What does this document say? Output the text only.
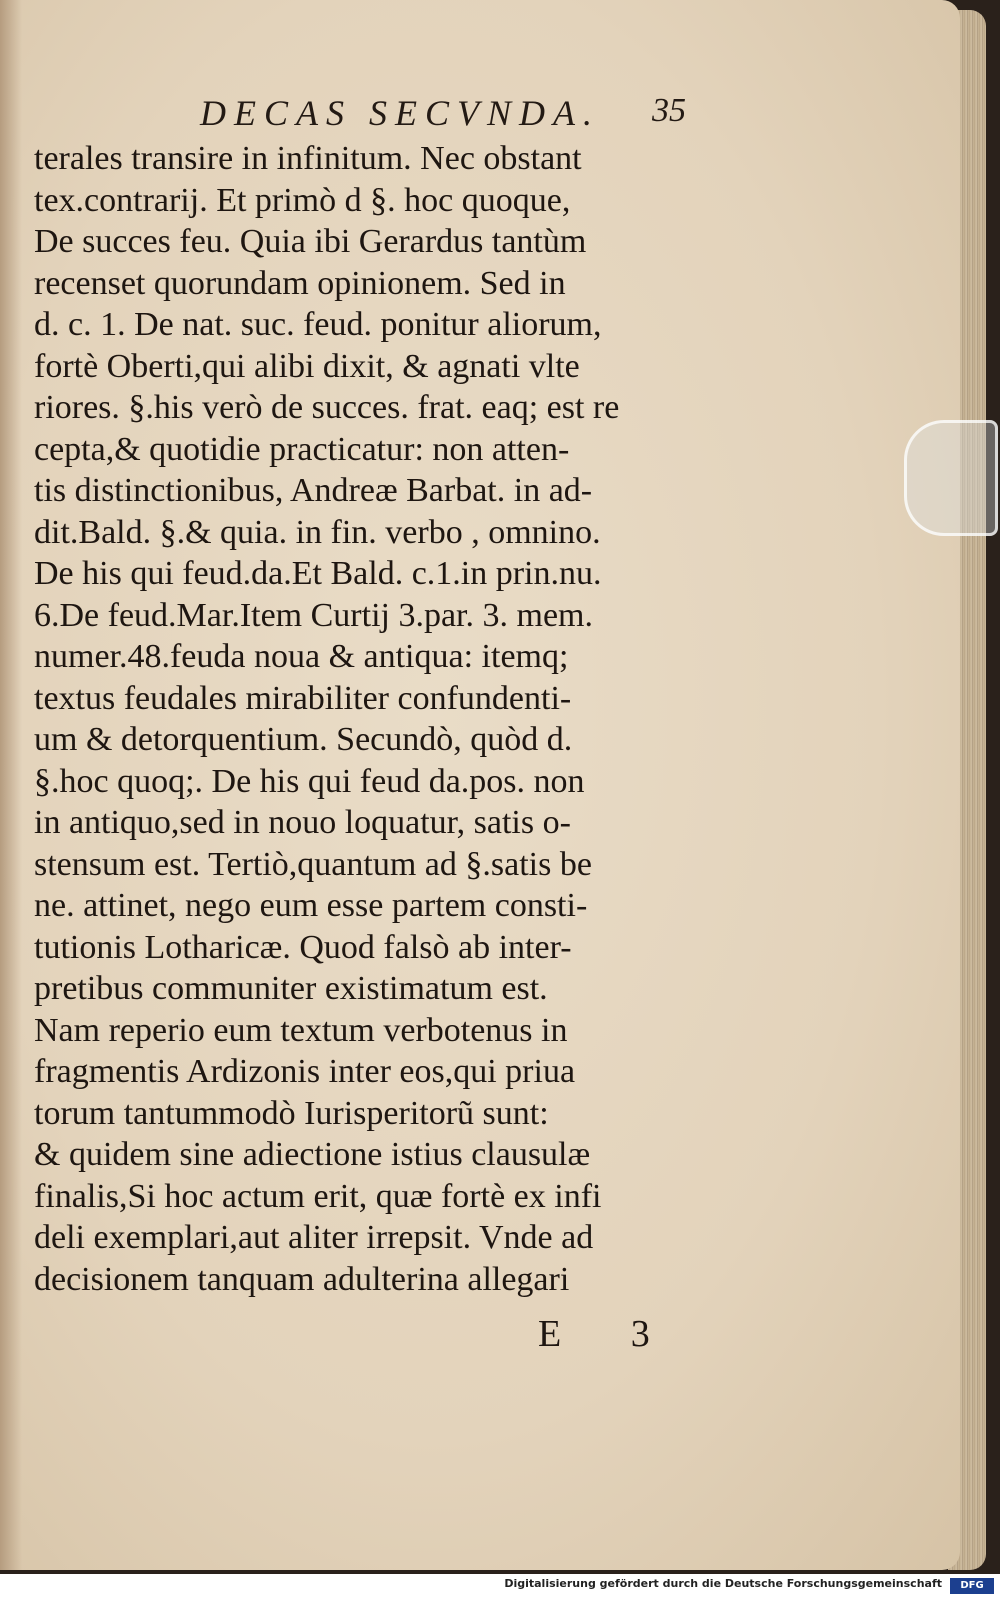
DECAS SECVNDA. 35
terales transire in infinitum. Nec obstant
tex.contrarij. Et primò d §. hoc quoque,
De succes feu. Quia ibi Gerardus tantùm
recenset quorundam opinionem. Sed in
d. c. 1. De nat. suc. feud. ponitur aliorum,
fortè Oberti,qui alibi dixit, & agnati vlte
riores. §.his verò de succes. frat. eaq; est re
cepta,& quotidie practicatur: non atten-
tis distinctionibus, Andreæ Barbat. in ad-
dit.Bald. §.& quia. in fin. verbo , omnino.
De his qui feud.da.Et Bald. c.1.in prin.nu.
6.De feud.Mar.Item Curtij 3.par. 3. mem.
numer.48.feuda noua & antiqua: itemq;
textus feudales mirabiliter confundenti-
um & detorquentium. Secundò, quòd d.
§.hoc quoq;. De his qui feud da.pos. non
in antiquo,sed in nouo loquatur, satis o-
stensum est. Tertiò,quantum ad §.satis be
ne. attinet, nego eum esse partem consti-
tutionis Lotharicæ. Quod falsò ab inter-
pretibus communiter existimatum est.
Nam reperio eum textum verbotenus in
fragmentis Ardizonis inter eos,qui priua
torum tantummodò Iurisperitorũ sunt:
& quidem sine adiectione istius clausulæ
finalis,Si hoc actum erit, quæ fortè ex infi
deli exemplari,aut aliter irrepsit. Vnde ad
decisionem tanquam adulterina allegari
E 3
Digitalisierung gefördert durch die Deutsche Forschungsgemeinschaft	DFG
